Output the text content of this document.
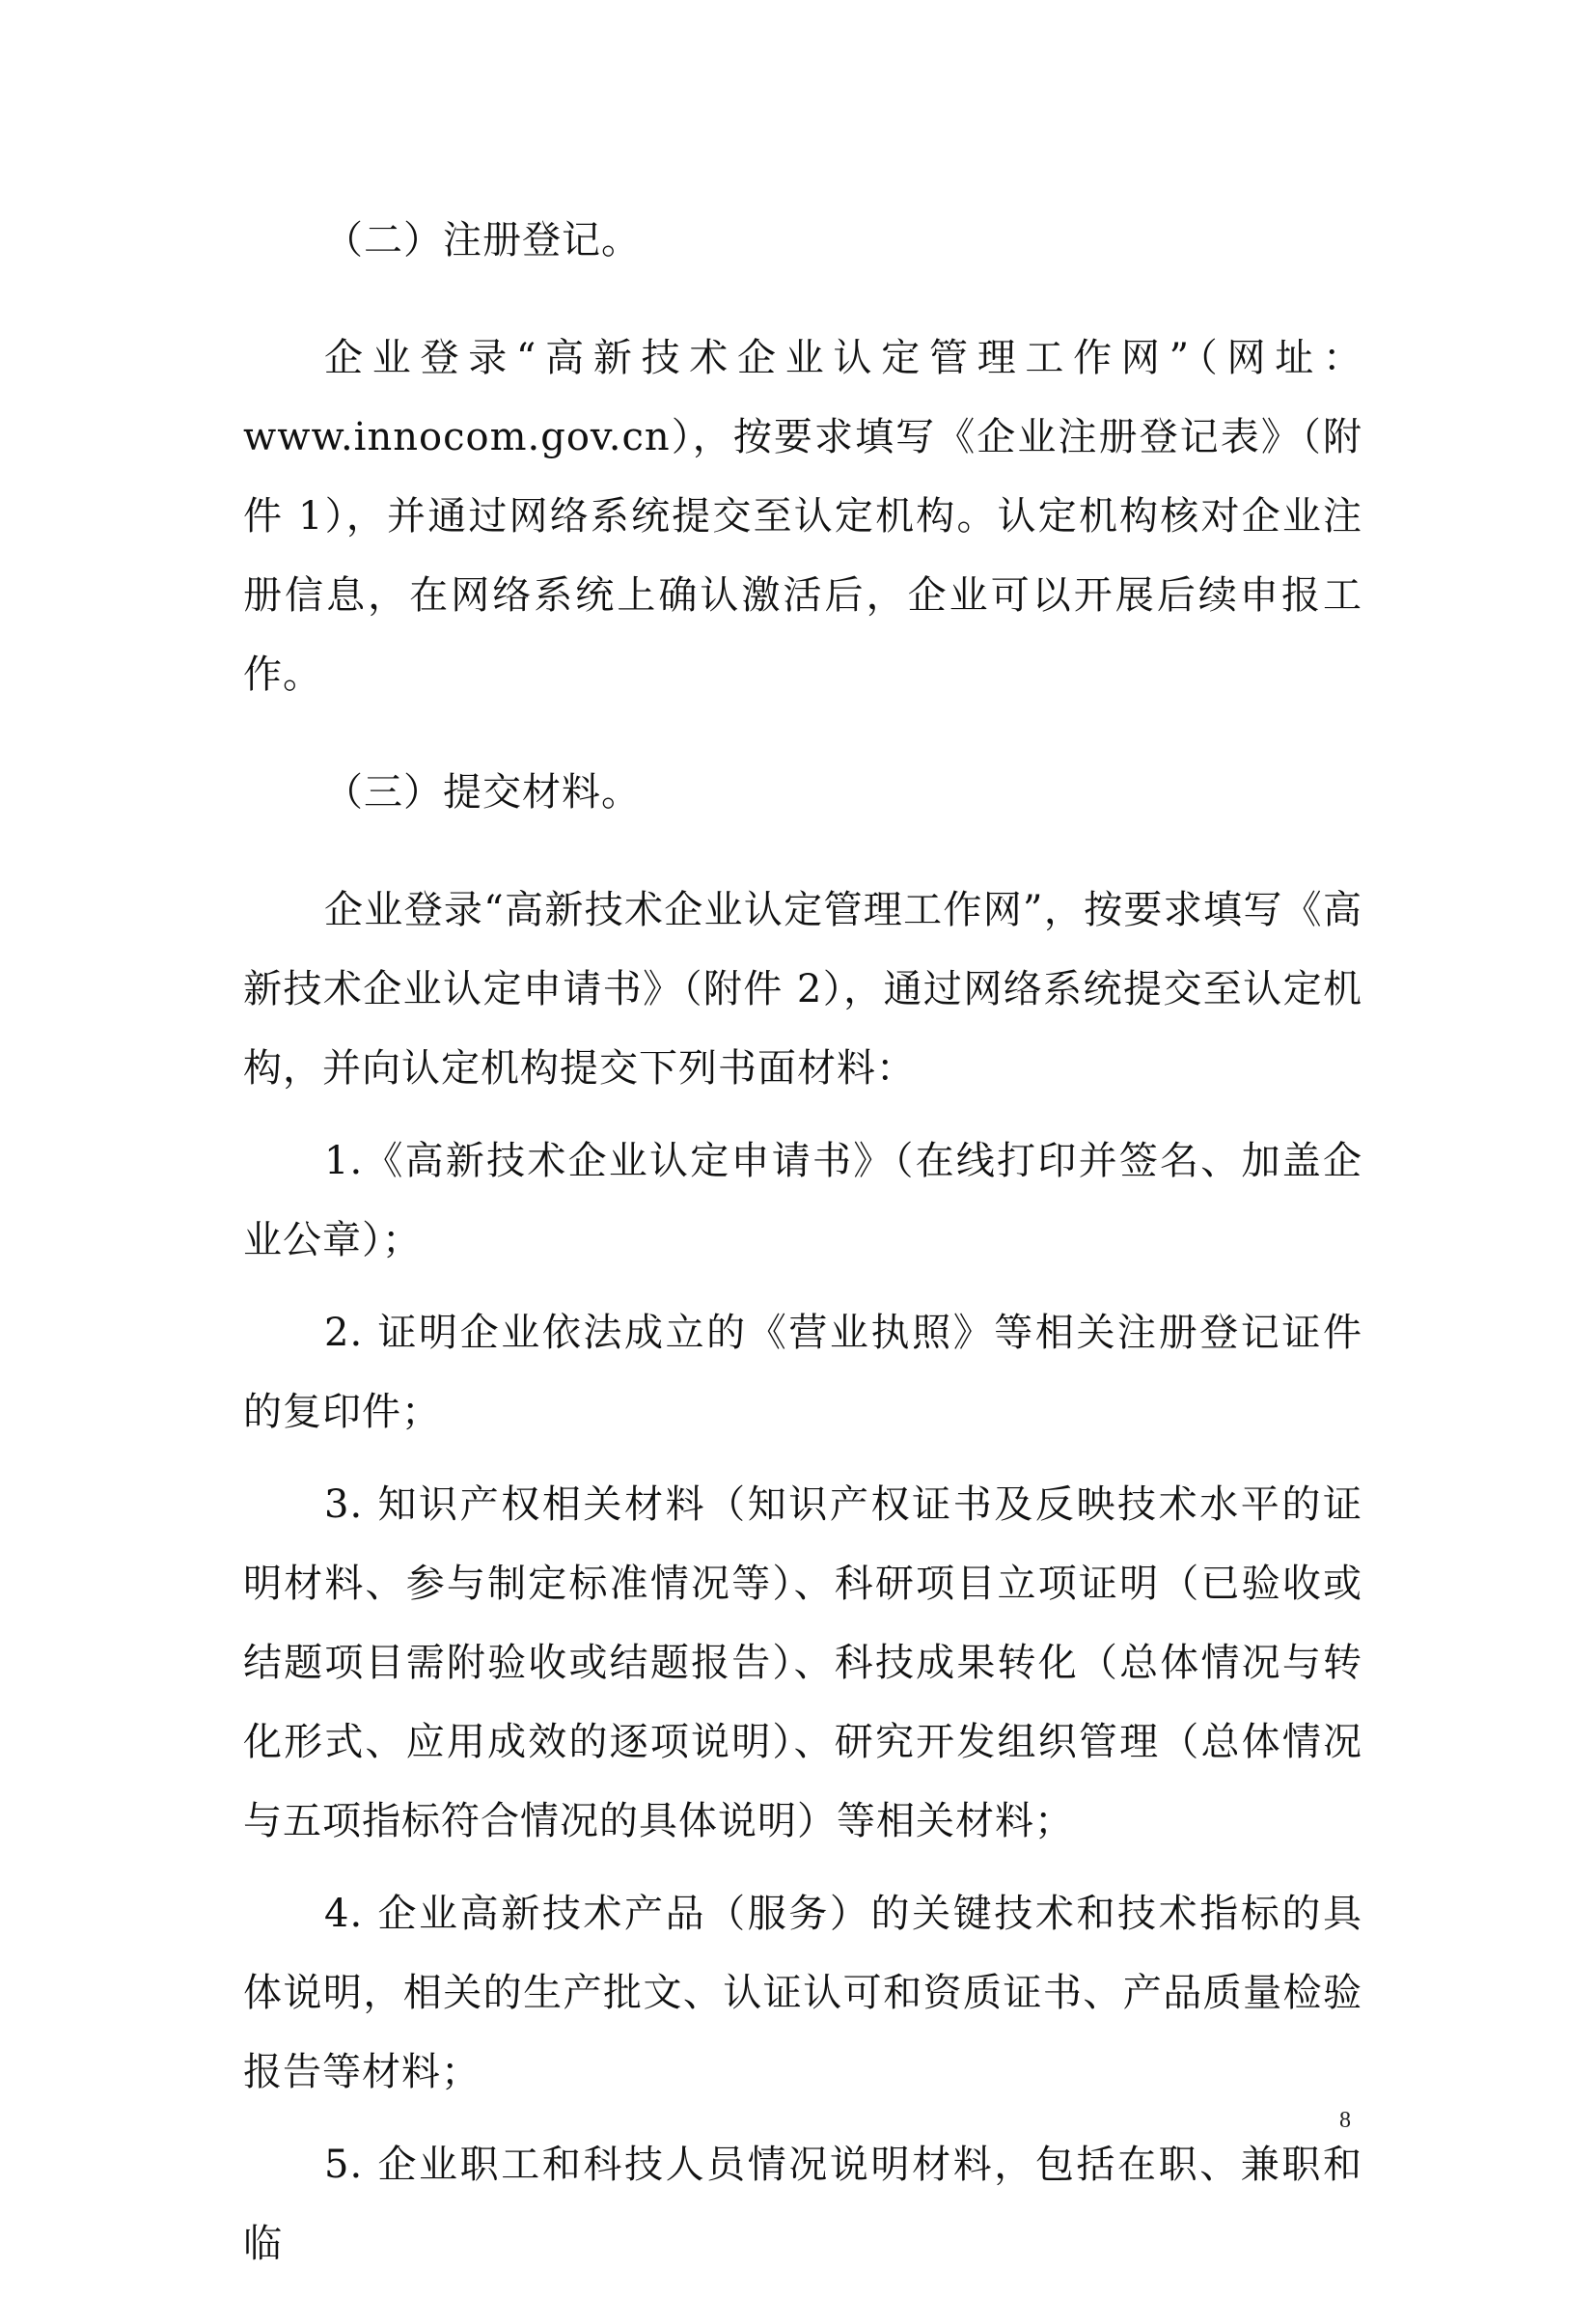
（二）注册登记。

企业登录“高新技术企业认定管理工作网”（网址：www.innocom.gov.cn），按要求填写《企业注册登记表》（附件 1），并通过网络系统提交至认定机构。认定机构核对企业注册信息，在网络系统上确认激活后，企业可以开展后续申报工作。

（三）提交材料。

企业登录“高新技术企业认定管理工作网”，按要求填写《高新技术企业认定申请书》（附件 2），通过网络系统提交至认定机构，并向认定机构提交下列书面材料：

1.《高新技术企业认定申请书》（在线打印并签名、加盖企业公章）；

2. 证明企业依法成立的《营业执照》等相关注册登记证件的复印件；

3. 知识产权相关材料（知识产权证书及反映技术水平的证明材料、参与制定标准情况等）、科研项目立项证明（已验收或结题项目需附验收或结题报告）、科技成果转化（总体情况与转化形式、应用成效的逐项说明）、研究开发组织管理（总体情况与五项指标符合情况的具体说明）等相关材料；

4. 企业高新技术产品（服务）的关键技术和技术指标的具体说明，相关的生产批文、认证认可和资质证书、产品质量检验报告等材料；

5. 企业职工和科技人员情况说明材料，包括在职、兼职和临

8
